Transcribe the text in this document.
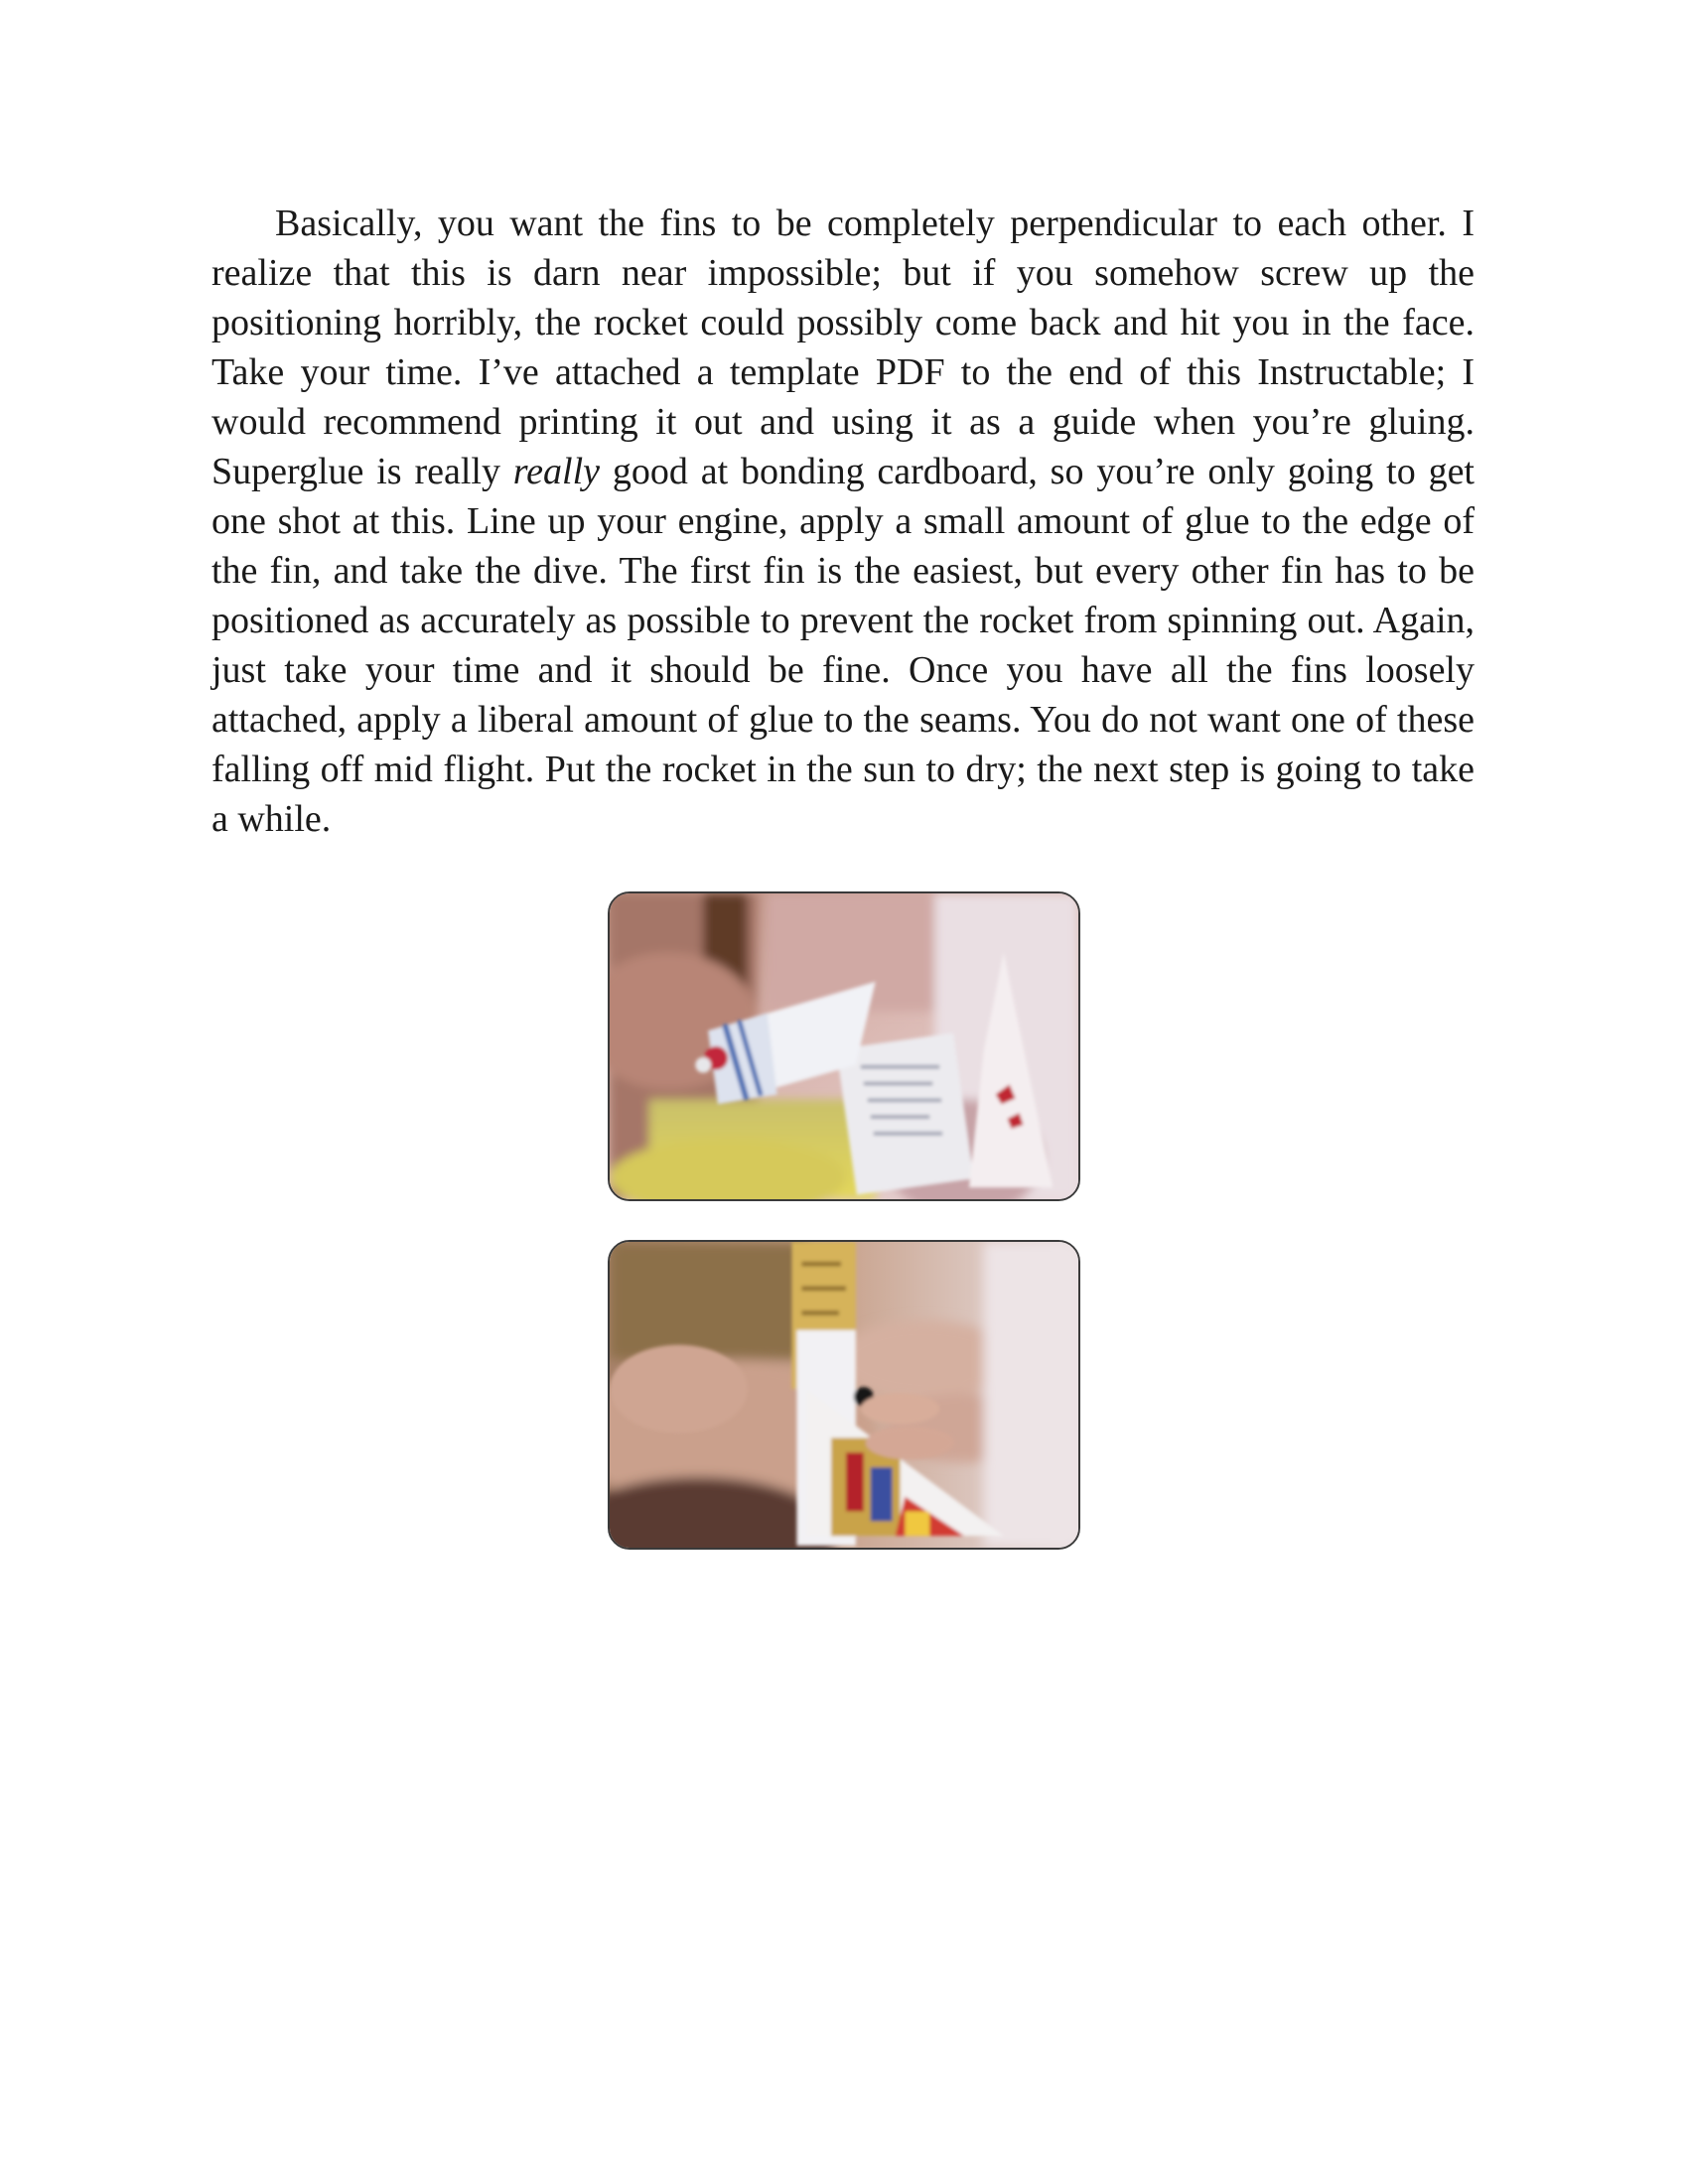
Basically, you want the fins to be completely perpendicular to each other. I realize that this is darn near impossible; but if you somehow screw up the positioning horribly, the rocket could possibly come back and hit you in the face. Take your time. I’ve attached a template PDF to the end of this Instructable; I would recommend printing it out and using it as a guide when you’re gluing. Superglue is really really good at bonding cardboard, so you’re only going to get one shot at this. Line up your engine, apply a small amount of glue to the edge of the fin, and take the dive. The first fin is the easiest, but every other fin has to be positioned as accurately as possible to prevent the rocket from spinning out. Again, just take your time and it should be fine. Once you have all the fins loosely attached, apply a liberal amount of glue to the seams. You do not want one of these falling off mid flight. Put the rocket in the sun to dry; the next step is going to take a while.
